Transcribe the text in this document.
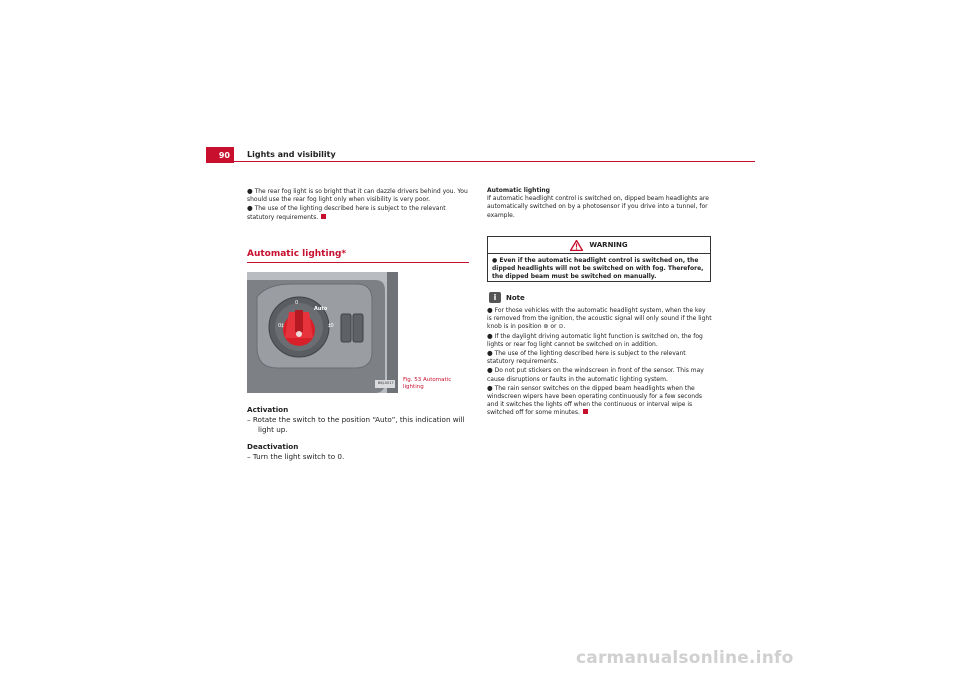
90	Lights and visibility

● The rear fog light is so bright that it can dazzle drivers behind you. You should use the rear fog light only when visibility is very poor.

● The use of the lighting described here is subject to the relevant statutory requirements.

Automatic lighting*
0
0‡
Auto
‡0
B6J-0017 Fig. 53 Automatic lighting

Activation

– Rotate the switch to the position “Auto”, this indication will light up.

Deactivation

– Turn the light switch to 0.

Automatic lighting

If automatic headlight control is switched on, dipped beam headlights are automatically switched on by a photosensor if you drive into a tunnel, for example.

WARNING
● Even if the automatic headlight control is switched on, the dipped headlights will not be switched on with fog. Therefore, the dipped beam must be switched on manually.
i	Note

● For those vehicles with the automatic headlight system, when the key is removed from the ignition, the acoustic signal will only sound if the light knob is in position ⊛ or ⊙.

● If the daylight driving automatic light function is switched on, the fog lights or rear fog light cannot be switched on in addition.

● The use of the lighting described here is subject to the relevant statutory requirements.

● Do not put stickers on the windscreen in front of the sensor. This may cause disruptions or faults in the automatic lighting system.

● The rain sensor switches on the dipped beam headlights when the windscreen wipers have been operating continuously for a few seconds and it switches the lights off when the continuous or interval wipe is switched off for some minutes.

carmanualsonline.info
